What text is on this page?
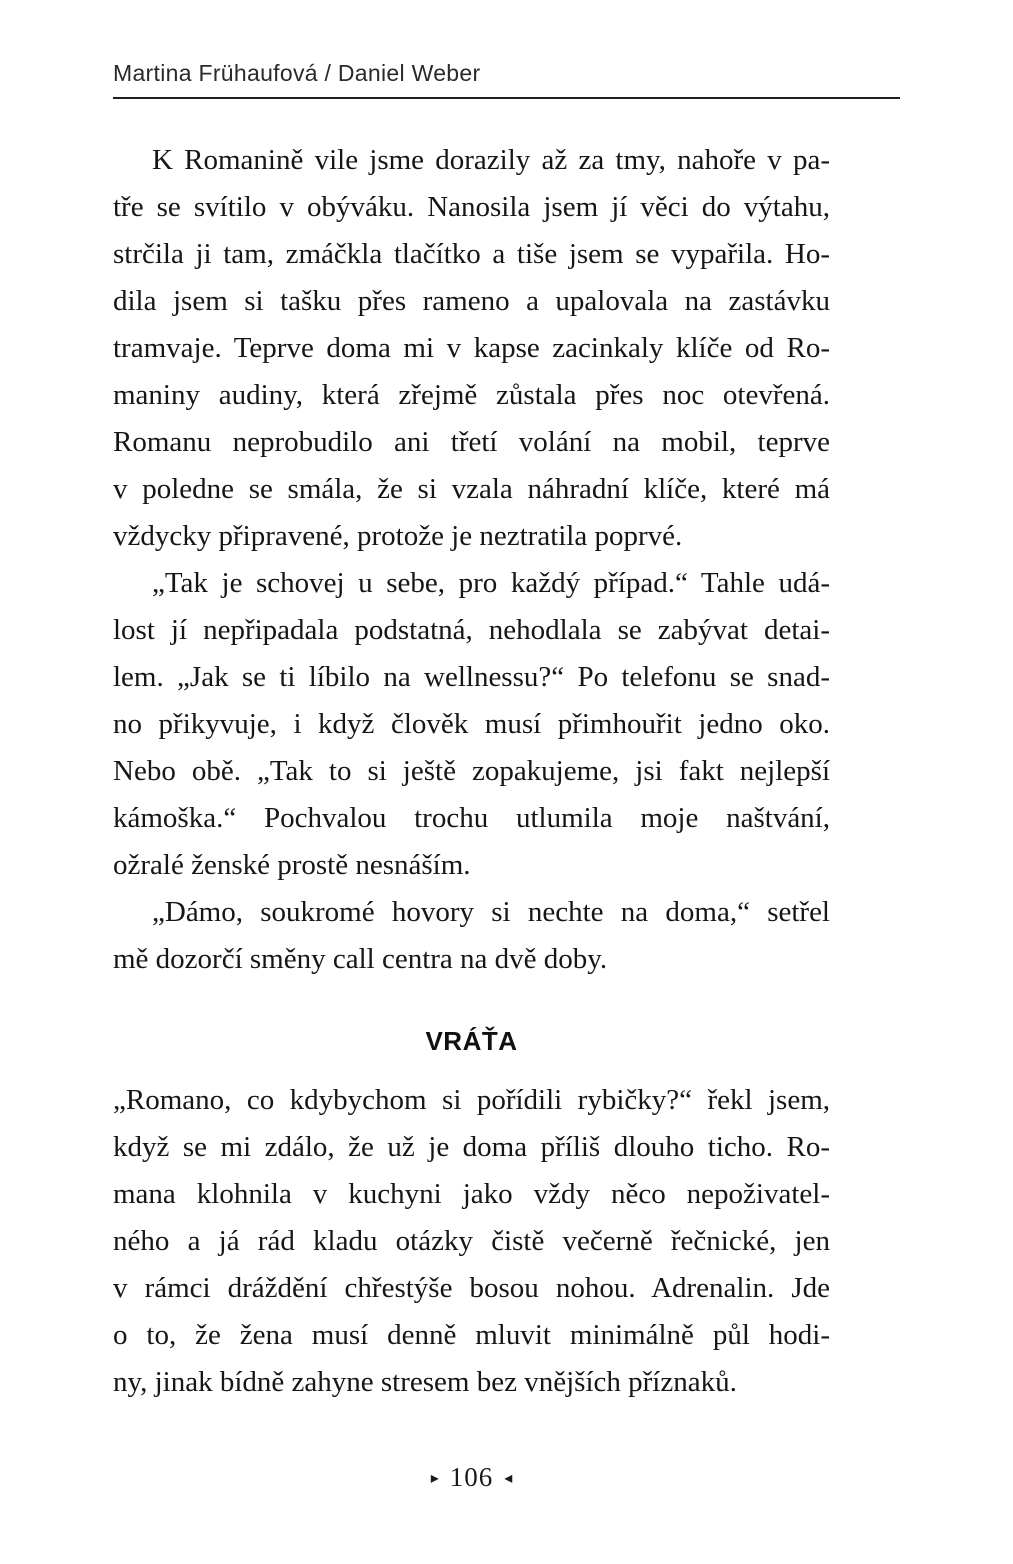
Martina Frühaufová / Daniel Weber
K Romanině vile jsme dorazily až za tmy, nahoře v pa-
tře se svítilo v obýváku. Nanosila jsem jí věci do výtahu,
strčila ji tam, zmáčkla tlačítko a tiše jsem se vypařila. Ho-
dila jsem si tašku přes rameno a upalovala na zastávku
tramvaje. Teprve doma mi v kapse zacinkaly klíče od Ro-
maniny audiny, která zřejmě zůstala přes noc otevřená.
Romanu neprobudilo ani třetí volání na mobil, teprve
v poledne se smála, že si vzala náhradní klíče, které má
vždycky připravené, protože je neztratila poprvé.
„Tak je schovej u sebe, pro každý případ.“ Tahle udá-
lost jí nepřipadala podstatná, nehodlala se zabývat detai-
lem. „Jak se ti líbilo na wellnessu?“ Po telefonu se snad-
no přikyvuje, i když člověk musí přimhouřit jedno oko.
Nebo obě. „Tak to si ještě zopakujeme, jsi fakt nejlepší
kámoška.“ Pochvalou trochu utlumila moje naštvání,
ožralé ženské prostě nesnáším.
„Dámo, soukromé hovory si nechte na doma,“ setřel
mě dozorčí směny call centra na dvě doby.
VRÁŤA
„Romano, co kdybychom si pořídili rybičky?“ řekl jsem,
když se mi zdálo, že už je doma příliš dlouho ticho. Ro-
mana klohnila v kuchyni jako vždy něco nepoživatel-
ného a já rád kladu otázky čistě večerně řečnické, jen
v rámci dráždění chřestýše bosou nohou. Adrenalin. Jde
o to, že žena musí denně mluvit minimálně půl hodi-
ny, jinak bídně zahyne stresem bez vnějších příznaků.
▸ 106 ◂
